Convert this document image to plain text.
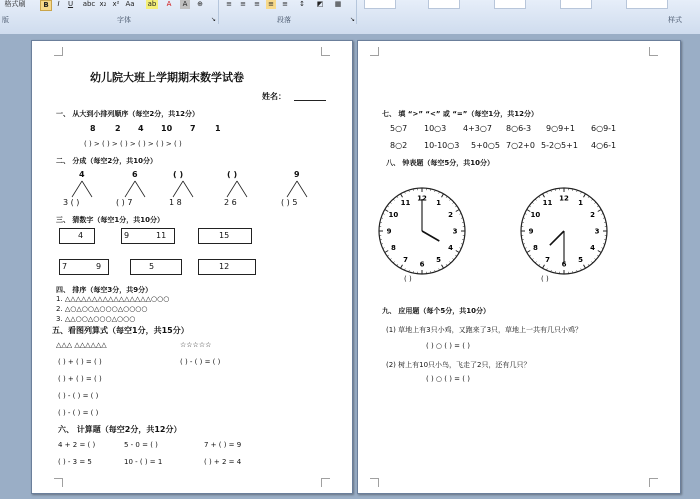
格式刷	B	I	U abc x₂ x² Aa ab	A	A	⊕	≡ ≡ ≡ ≡ ≡	↕	◩	▦
版	字体	↘	段落	↘	样式
幼儿院大班上学期期末数学试卷
姓名：
一、 从大到小排列顺序（每空2分，共12分）
8 2 4 10 7 1
( ) > ( ) > ( ) > ( ) > ( ) > ( )
二、 分成（每空2分，共10分）
4	6	( )	( )	9
3 ( )	( ) 7	1 8	2 6	( ) 5
三、 猜数字（每空1分，共10分）
4	9	11	15
7	9	5	12
四、 排序（每空3分，共9分）
1. △△△△△△△△△△△△△△△△○○○
2. △○△○○△○○○△○○○○
3. △△○○△○○○△○○○
五、看图列算式（每空1分，共15分）
△△△ △△△△△△	☆☆☆☆☆
( ) + ( ) = ( )	( ) - ( ) = ( )
( ) + ( ) = ( )
( ) - ( ) = ( )
( ) - ( ) = ( )
六、 计算题（每空2分，共12分）
4 + 2 = ( )	5 - 0 = ( )	7 + ( ) = 9
( ) - 3 = 5	10 - ( ) = 1	( ) + 2 = 4
七、 填 “>” “<” 或 “=”（每空1分，共12分）
5○7 10○3 4+3○7 8○6-3 9○9+1 6○9-1
8○2 10-10○3 5+0○5 7○2+0 5-2○5+1 4○6-1
八、 钟表题（每空5分，共10分）
12
1
2
3
4
5
6
7
8
9
10
11
12
1
2
3
4
5
6
7
8
9
10
11
( )	( )
九、 应用题（每个5分，共10分）
(1) 草地上有3只小鸡，又跑来了3只，草地上一共有几只小鸡？
( ) ○ ( ) = ( )
(2) 树上有10只小鸟，飞走了2只，还有几只？
( ) ○ ( ) = ( )
